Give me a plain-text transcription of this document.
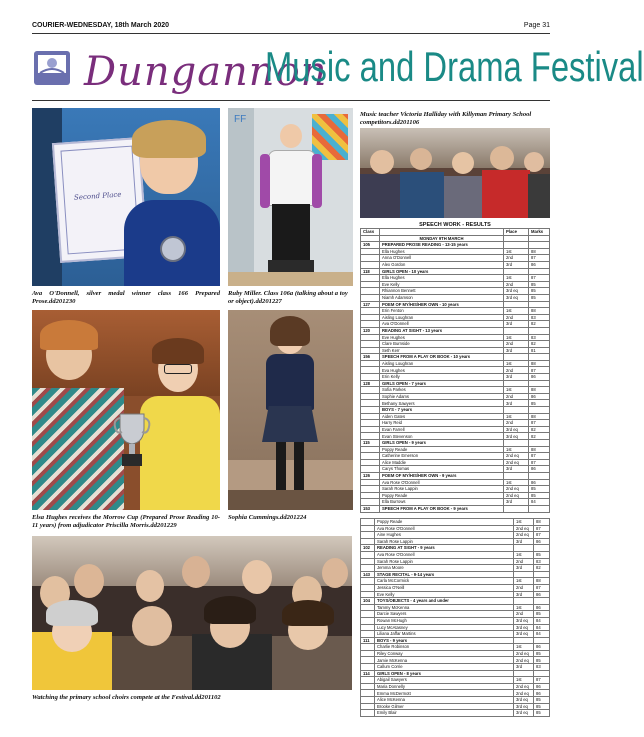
COURIER-WEDNESDAY, 18th March 2020	Page 31
Dungannon
Music and Drama Festival
Second Place
FF	Music teacher Victoria Halliday with Killyman Primary School competitors.dd201106
SPEECH WORK - RESULTS
Class		Place	Marks
	MONDAY 9TH MARCH		
105	PREPARED PROSE READING - 13-15 years		
	Ella Hughes	1st	88
	Anna O'Donnell	2nd	87
	Alex Gordon	3rd	86
118	GIRLS OPEN - 10 years		
	Ella Hughes	1st	87
	Eve Kelly	2nd	85
	Rhiannon Bennett	3rd eq	85
	Niamh Adamson	3rd eq	85
127	POEM OF MY/HIS/HER OWN - 10 years		
	Erin Fenton	1st	88
	Aisling Loughran	2nd	83
	Ava O'Donnell	3rd	82
120	READING AT SIGHT - 13 years		
	Eve Hughes	1st	83
	Clare Burnside	2nd	82
	Seth Kerr	3rd	81
156	SPEECH FROM A PLAY OR BOOK - 10 years		
	Aisling Loughran	1st	88
	Eva Hughes	2nd	87
	Erin Kelly	3rd	86
128	GIRLS OPEN - 7 years		
	Sofia Parkes	1st	88
	Sophie Adams	2nd	86
	Bethany Sawyers	3rd	85
	BOYS - 7 years		
	Aiden Gates	1st	88
	Harry Reid	2nd	87
	Evan Farrell	3rd eq	82
	Evan Stevenson	3rd eq	82
115	GIRLS OPEN - 9 years		
	Poppy Reade	1st	88
	Catherine Emerson	2nd eq	87
	Alice Maddie	2nd eq	87
	Carys Thomas	3rd	86
126	POEM OF MY/HIS/HER OWN - 9 years		
	Ava Rose O'Donnell	1st	86
	Sarah Rose Lappin	2nd eq	85
	Poppy Reade	2nd eq	85
	Ella Burrows	3rd	84
153	SPEECH FROM A PLAY OR BOOK - 9 years		
Ava O'Donnell, silver medal winner class 166 Prepared Prose.dd201230
Ruby Miller. Class 106a (talking about a toy or object).dd201227
Elsa Hughes receives the Morrow Cup (Prepared Prose Reading 10-11 years) from adjudicator Priscilla Morris.dd201229
Sophia Cummings.dd201224
Watching the primary school choirs compete at the Festival.dd201102
	Poppy Reade	1st	88
	Ava Rose O'Donnell	2nd eq	87
	Aine Hughes	2nd eq	87
	Sarah Rose Lappin	3rd	86
102	READING AT SIGHT - 9 years		
	Ava Rose O'Donnell	1st	85
	Sarah Rose Lappin	2nd	83
	Jemma Moore	3rd	82
143	STAGE RECITAL - 9-14 years		
	Carla McCormick	1st	88
	Jessica O'Neill	2nd	87
	Eve Kelly	3rd	86
104	TOYS/OBJECTS - 4 years and under		
	Tammy McKenna	1st	86
	Darcie Sawyers	2nd	85
	Rowan McHugh	3rd eq	84
	Lucy McAtasney	3rd eq	84
	Liliana Jaffar Martins	3rd eq	84
111	BOYS - 9 years		
	Charlie Robinson	1st	86
	Riley Conway	2nd eq	85
	Jamie McKenna	2nd eq	85
	Callum Corrie	3rd	83
114	GIRLS OPEN - 8 years		
	Abigail Sawyers	1st	87
	Maria Donnelly	2nd eq	86
	Emma McDermott	2nd eq	86
	Alice McKenna	3rd eq	85
	Brooke Gilmer	3rd eq	85
	Emily Blair	3rd eq	85
